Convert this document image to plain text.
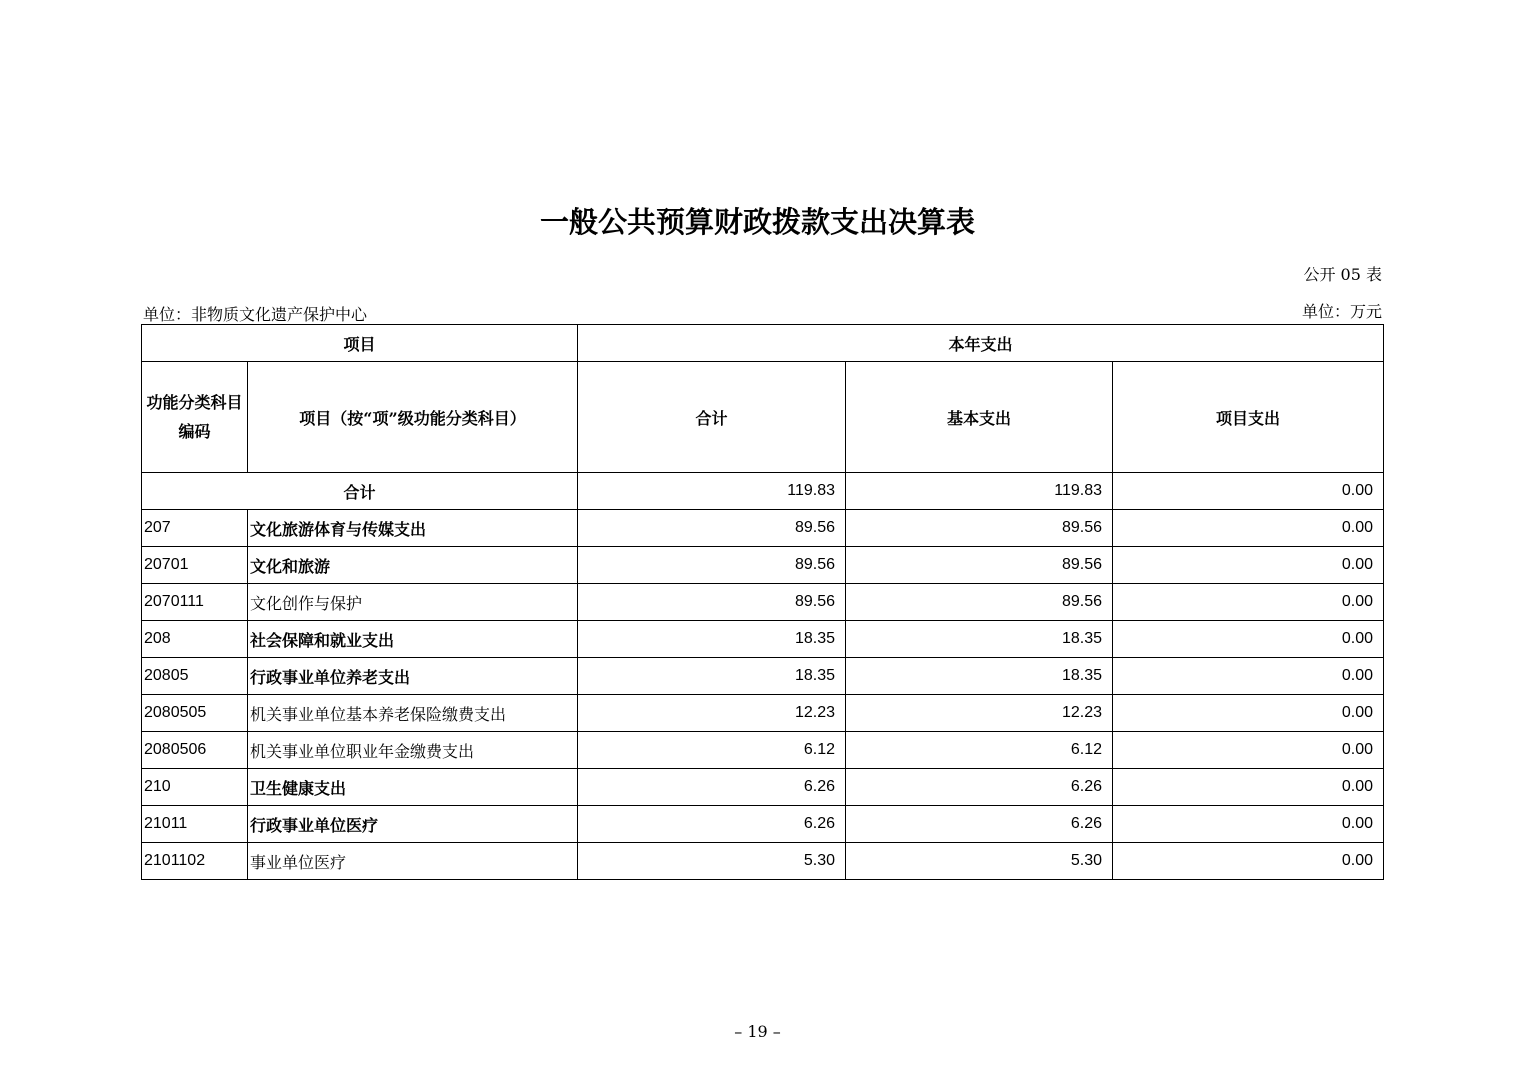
一般公共预算财政拨款支出决算表
公开 05 表
单位：非物质文化遗产保护中心	单位：万元
项目		本年支出		
功能分类科目编码	项目（按“项”级功能分类科目）	合计	基本支出	项目支出
合计		119.83	119.83	0.00
207	文化旅游体育与传媒支出	89.56	89.56	0.00
20701	文化和旅游	89.56	89.56	0.00
2070111	文化创作与保护	89.56	89.56	0.00
208	社会保障和就业支出	18.35	18.35	0.00
20805	行政事业单位养老支出	18.35	18.35	0.00
2080505	机关事业单位基本养老保险缴费支出	12.23	12.23	0.00
2080506	机关事业单位职业年金缴费支出	6.12	6.12	0.00
210	卫生健康支出	6.26	6.26	0.00
21011	行政事业单位医疗	6.26	6.26	0.00
2101102	事业单位医疗	5.30	5.30	0.00
– 19 –
